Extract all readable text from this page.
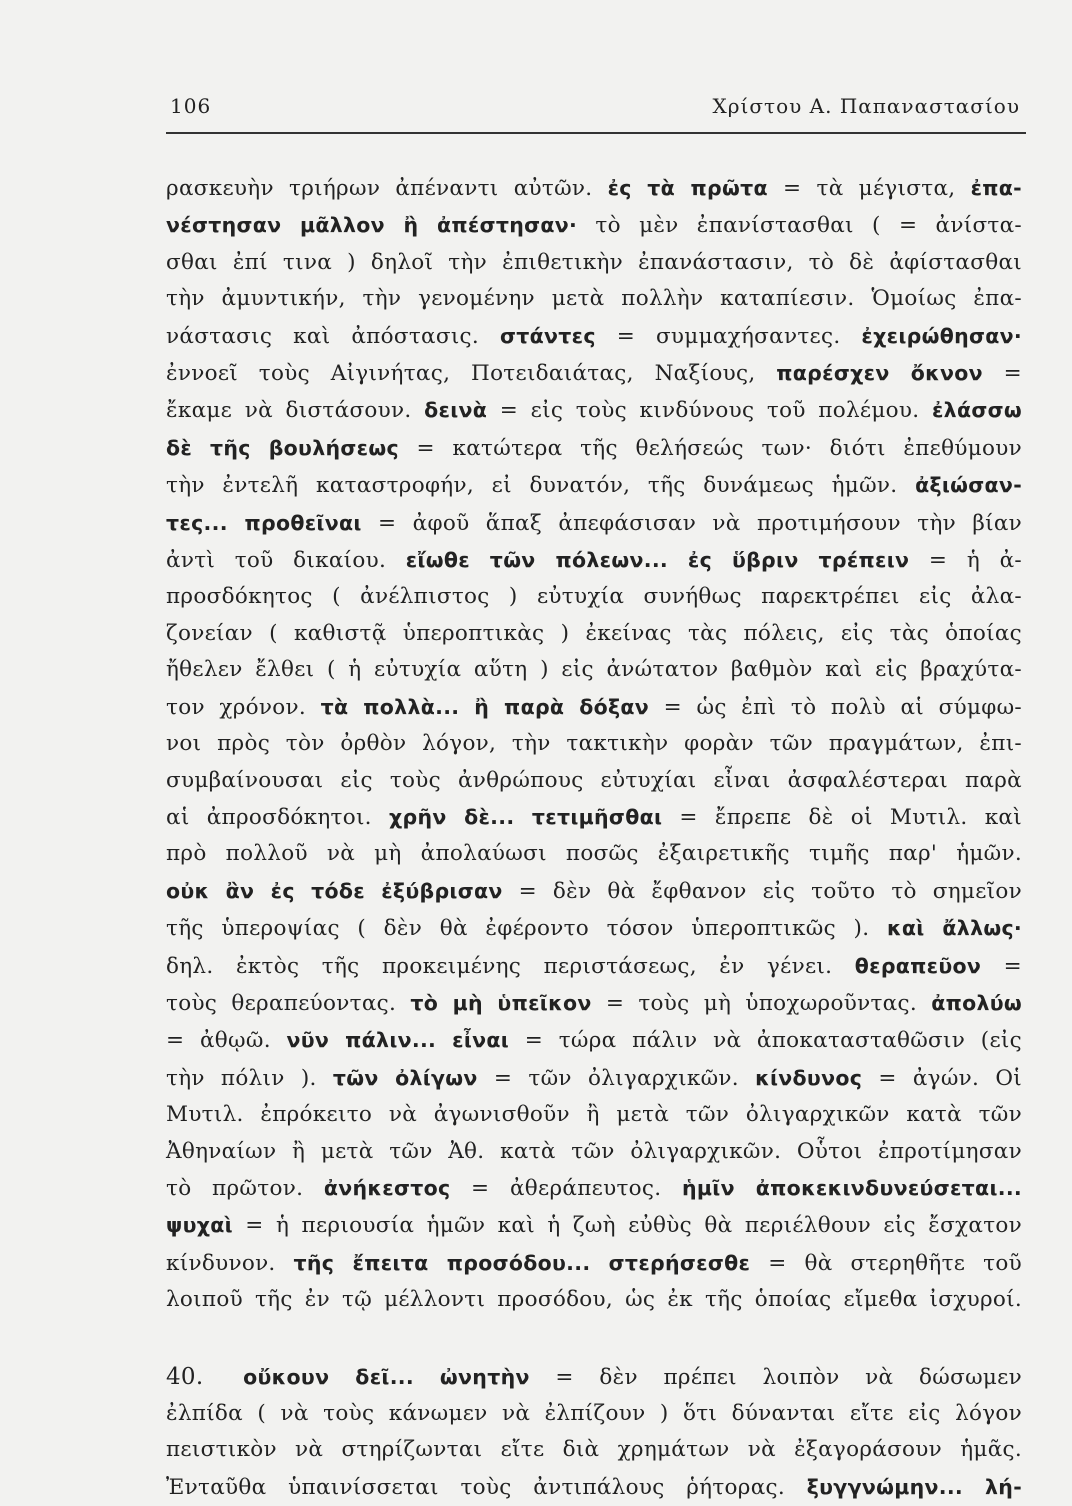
106	Χρίστου Α. Παπαναστασίου
ρασκευὴν τριήρων ἀπέναντι αὐτῶν. ἐς τὰ πρῶτα = τὰ μέγιστα, ἐπα-
νέστησαν μᾶλλον ἢ ἀπέστησαν· τὸ μὲν ἐπανίστασθαι ( = ἀνίστα-
σθαι ἐπί τινα ) δηλοῖ τὴν ἐπιθετικὴν ἐπανάστασιν, τὸ δὲ ἀφίστασθαι
τὴν ἀμυντικήν, τὴν γενομένην μετὰ πολλὴν καταπίεσιν. Ὁμοίως ἐπα-
νάστασις καὶ ἀπόστασις. στάντες = συμμαχήσαντες. ἐχειρώθησαν·
ἐννοεῖ τοὺς Αἰγινήτας, Ποτειδαιάτας, Ναξίους, παρέσχεν ὄκνον =
ἔκαμε νὰ διστάσουν. δεινὰ = εἰς τοὺς κινδύνους τοῦ πολέμου. ἐλάσσω
δὲ τῆς βουλήσεως = κατώτερα τῆς θελήσεώς των· διότι ἐπεθύμουν
τὴν ἐντελῆ καταστροφήν, εἰ δυνατόν, τῆς δυνάμεως ἡμῶν. ἀξιώσαν-
τες... προθεῖναι = ἀφοῦ ἅπαξ ἀπεφάσισαν νὰ προτιμήσουν τὴν βίαν
ἀντὶ τοῦ δικαίου. εἴωθε τῶν πόλεων... ἐς ὕβριν τρέπειν = ἡ ἀ-
προσδόκητος ( ἀνέλπιστος ) εὐτυχία συνήθως παρεκτρέπει εἰς ἀλα-
ζονείαν ( καθιστᾷ ὑπεροπτικὰς ) ἐκείνας τὰς πόλεις, εἰς τὰς ὁποίας
ἤθελεν ἔλθει ( ἡ εὐτυχία αὕτη ) εἰς ἀνώτατον βαθμὸν καὶ εἰς βραχύτα-
τον χρόνον. τὰ πολλὰ... ἢ παρὰ δόξαν = ὡς ἐπὶ τὸ πολὺ αἱ σύμφω-
νοι πρὸς τὸν ὀρθὸν λόγον, τὴν τακτικὴν φορὰν τῶν πραγμάτων, ἐπι-
συμβαίνουσαι εἰς τοὺς ἀνθρώπους εὐτυχίαι εἶναι ἀσφαλέστεραι παρὰ
αἱ ἀπροσδόκητοι. χρῆν δὲ... τετιμῆσθαι = ἔπρεπε δὲ οἱ Μυτιλ. καὶ
πρὸ πολλοῦ νὰ μὴ ἀπολαύωσι ποσῶς ἐξαιρετικῆς τιμῆς παρ' ἡμῶν.
οὐκ ἂν ἐς τόδε ἐξύβρισαν = δὲν θὰ ἔφθανον εἰς τοῦτο τὸ σημεῖον
τῆς ὑπεροψίας ( δὲν θὰ ἐφέροντο τόσον ὑπεροπτικῶς ). καὶ ἄλλως·
δηλ. ἐκτὸς τῆς προκειμένης περιστάσεως, ἐν γένει. θεραπεῦον =
τοὺς θεραπεύοντας. τὸ μὴ ὑπεῖκον = τοὺς μὴ ὑποχωροῦντας. ἀπολύω
= ἀθῳῶ. νῦν πάλιν... εἶναι = τώρα πάλιν νὰ ἀποκατασταθῶσιν (εἰς
τὴν πόλιν ). τῶν ὀλίγων = τῶν ὀλιγαρχικῶν. κίνδυνος = ἀγών. Οἱ
Μυτιλ. ἐπρόκειτο νὰ ἀγωνισθοῦν ἢ μετὰ τῶν ὀλιγαρχικῶν κατὰ τῶν
Ἀθηναίων ἢ μετὰ τῶν Ἀθ. κατὰ τῶν ὀλιγαρχικῶν. Οὗτοι ἐπροτίμησαν
τὸ πρῶτον. ἀνήκεστος = ἀθεράπευτος. ἡμῖν ἀποκεκινδυνεύσεται...
ψυχαὶ = ἡ περιουσία ἡμῶν καὶ ἡ ζωὴ εὐθὺς θὰ περιέλθουν εἰς ἔσχατον
κίνδυνον. τῆς ἔπειτα προσόδου... στερήσεσθε = θὰ στερηθῆτε τοῦ
λοιποῦ τῆς ἐν τῷ μέλλοντι προσόδου, ὡς ἐκ τῆς ὁποίας εἴμεθα ἰσχυροί.
40. οὔκουν δεῖ... ὠνητὴν = δὲν πρέπει λοιπὸν νὰ δώσωμεν
ἐλπίδα ( νὰ τοὺς κάνωμεν νὰ ἐλπίζουν ) ὅτι δύνανται εἴτε εἰς λόγον
πειστικὸν νὰ στηρίζωνται εἴτε διὰ χρημάτων νὰ ἐξαγοράσουν ἡμᾶς.
Ἐνταῦθα ὑπαινίσσεται τοὺς ἀντιπάλους ῥήτορας. ξυγγνώμην... λή-
